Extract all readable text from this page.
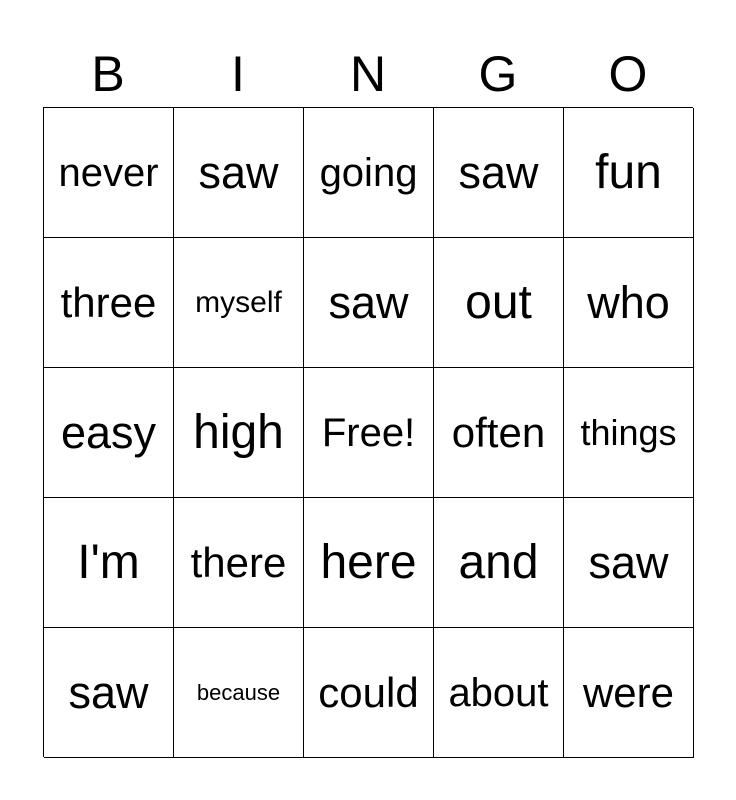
B	I	N	G	O
never saw going saw fun
three myself saw out who
easy high Free! often things
I'm there here and saw
saw because could about were
